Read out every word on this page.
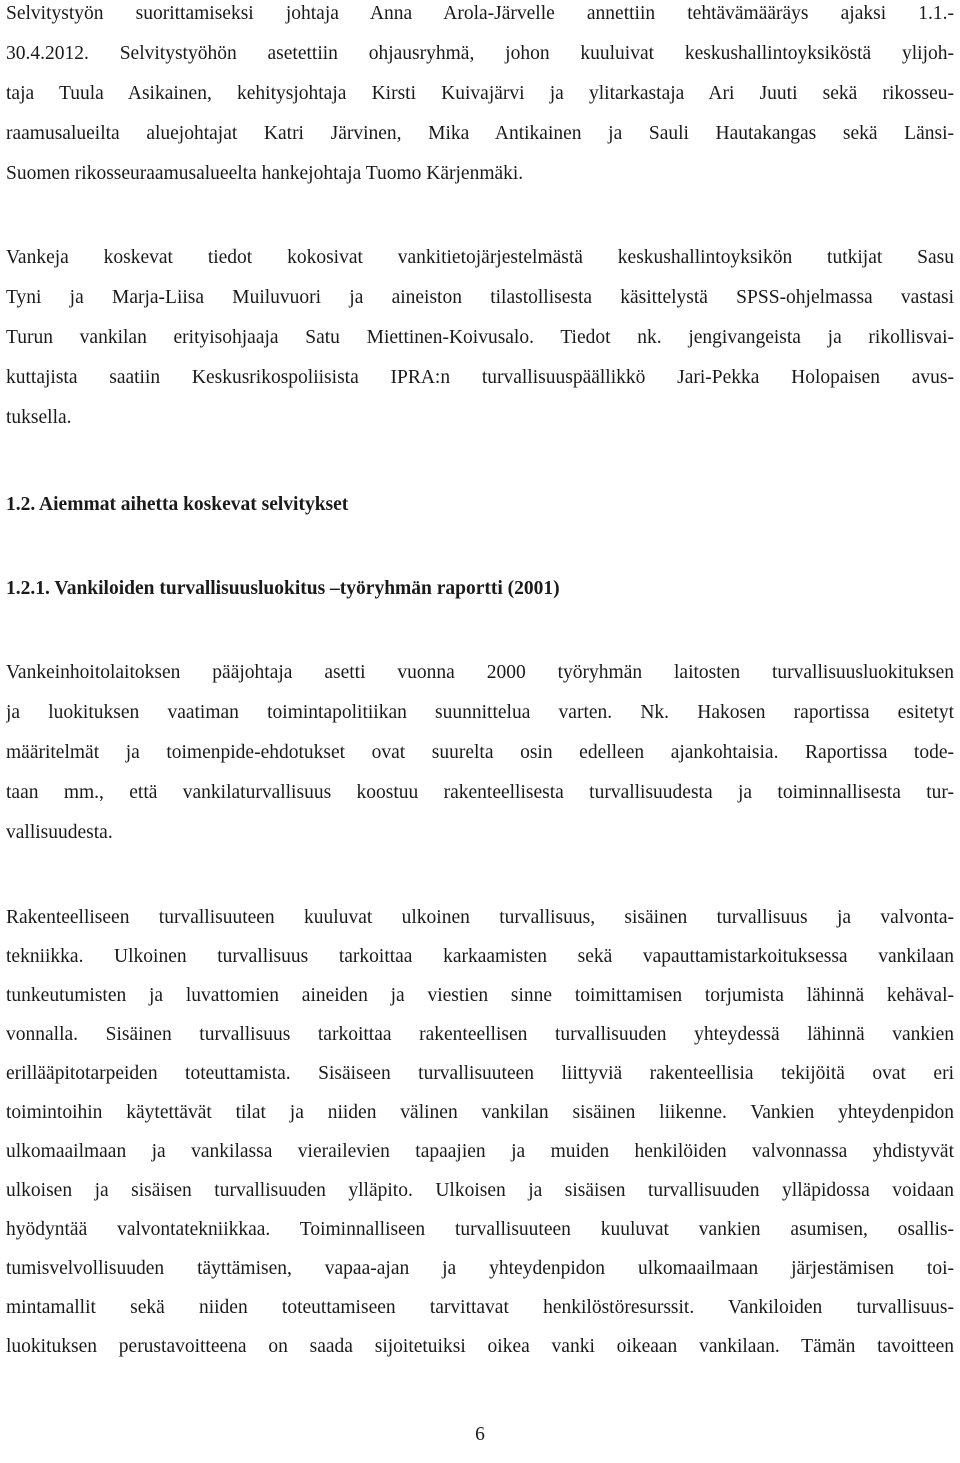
Selvitystyön suorittamiseksi johtaja Anna Arola-Järvelle annettiin tehtävämääräys ajaksi 1.1.-
30.4.2012. Selvitystyöhön asetettiin ohjausryhmä, johon kuuluivat keskushallintoyksiköstä ylijoh-
taja Tuula Asikainen, kehitysjohtaja Kirsti Kuivajärvi ja ylitarkastaja Ari Juuti sekä rikosseu-
raamusalueilta aluejohtajat Katri Järvinen, Mika Antikainen ja Sauli Hautakangas sekä Länsi-
Suomen rikosseuraamusalueelta hankejohtaja Tuomo Kärjenmäki.
Vankeja koskevat tiedot kokosivat vankitietojärjestelmästä keskushallintoyksikön tutkijat Sasu
Tyni ja Marja-Liisa Muiluvuori ja aineiston tilastollisesta käsittelystä SPSS-ohjelmassa vastasi
Turun vankilan erityisohjaaja Satu Miettinen-Koivusalo. Tiedot nk. jengivangeista ja rikollisvai-
kuttajista saatiin Keskusrikospoliisista IPRA:n turvallisuuspäällikkö Jari-Pekka Holopaisen avus-
tuksella.
1.2. Aiemmat aihetta koskevat selvitykset
1.2.1. Vankiloiden turvallisuusluokitus –työryhmän raportti (2001)
Vankeinhoitolaitoksen pääjohtaja asetti vuonna 2000 työryhmän laitosten turvallisuusluokituksen
ja luokituksen vaatiman toimintapolitiikan suunnittelua varten. Nk. Hakosen raportissa esitetyt
määritelmät ja toimenpide-ehdotukset ovat suurelta osin edelleen ajankohtaisia. Raportissa tode-
taan mm., että vankilaturvallisuus koostuu rakenteellisesta turvallisuudesta ja toiminnallisesta tur-
vallisuudesta.
Rakenteelliseen turvallisuuteen kuuluvat ulkoinen turvallisuus, sisäinen turvallisuus ja valvonta-
tekniikka. Ulkoinen turvallisuus tarkoittaa karkaamisten sekä vapauttamistarkoituksessa vankilaan
tunkeutumisten ja luvattomien aineiden ja viestien sinne toimittamisen torjumista lähinnä kehäval-
vonnalla. Sisäinen turvallisuus tarkoittaa rakenteellisen turvallisuuden yhteydessä lähinnä vankien
erillääpitotarpeiden toteuttamista. Sisäiseen turvallisuuteen liittyviä rakenteellisia tekijöitä ovat eri
toimintoihin käytettävät tilat ja niiden välinen vankilan sisäinen liikenne. Vankien yhteydenpidon
ulkomaailmaan ja vankilassa vierailevien tapaajien ja muiden henkilöiden valvonnassa yhdistyvät
ulkoisen ja sisäisen turvallisuuden ylläpito. Ulkoisen ja sisäisen turvallisuuden ylläpidossa voidaan
hyödyntää valvontatekniikkaa. Toiminnalliseen turvallisuuteen kuuluvat vankien asumisen, osallis-
tumisvelvollisuuden täyttämisen, vapaa-ajan ja yhteydenpidon ulkomaailmaan järjestämisen toi-
mintamallit sekä niiden toteuttamiseen tarvittavat henkilöstöresurssit. Vankiloiden turvallisuus-
luokituksen perustavoitteena on saada sijoitetuiksi oikea vanki oikeaan vankilaan. Tämän tavoitteen
6
